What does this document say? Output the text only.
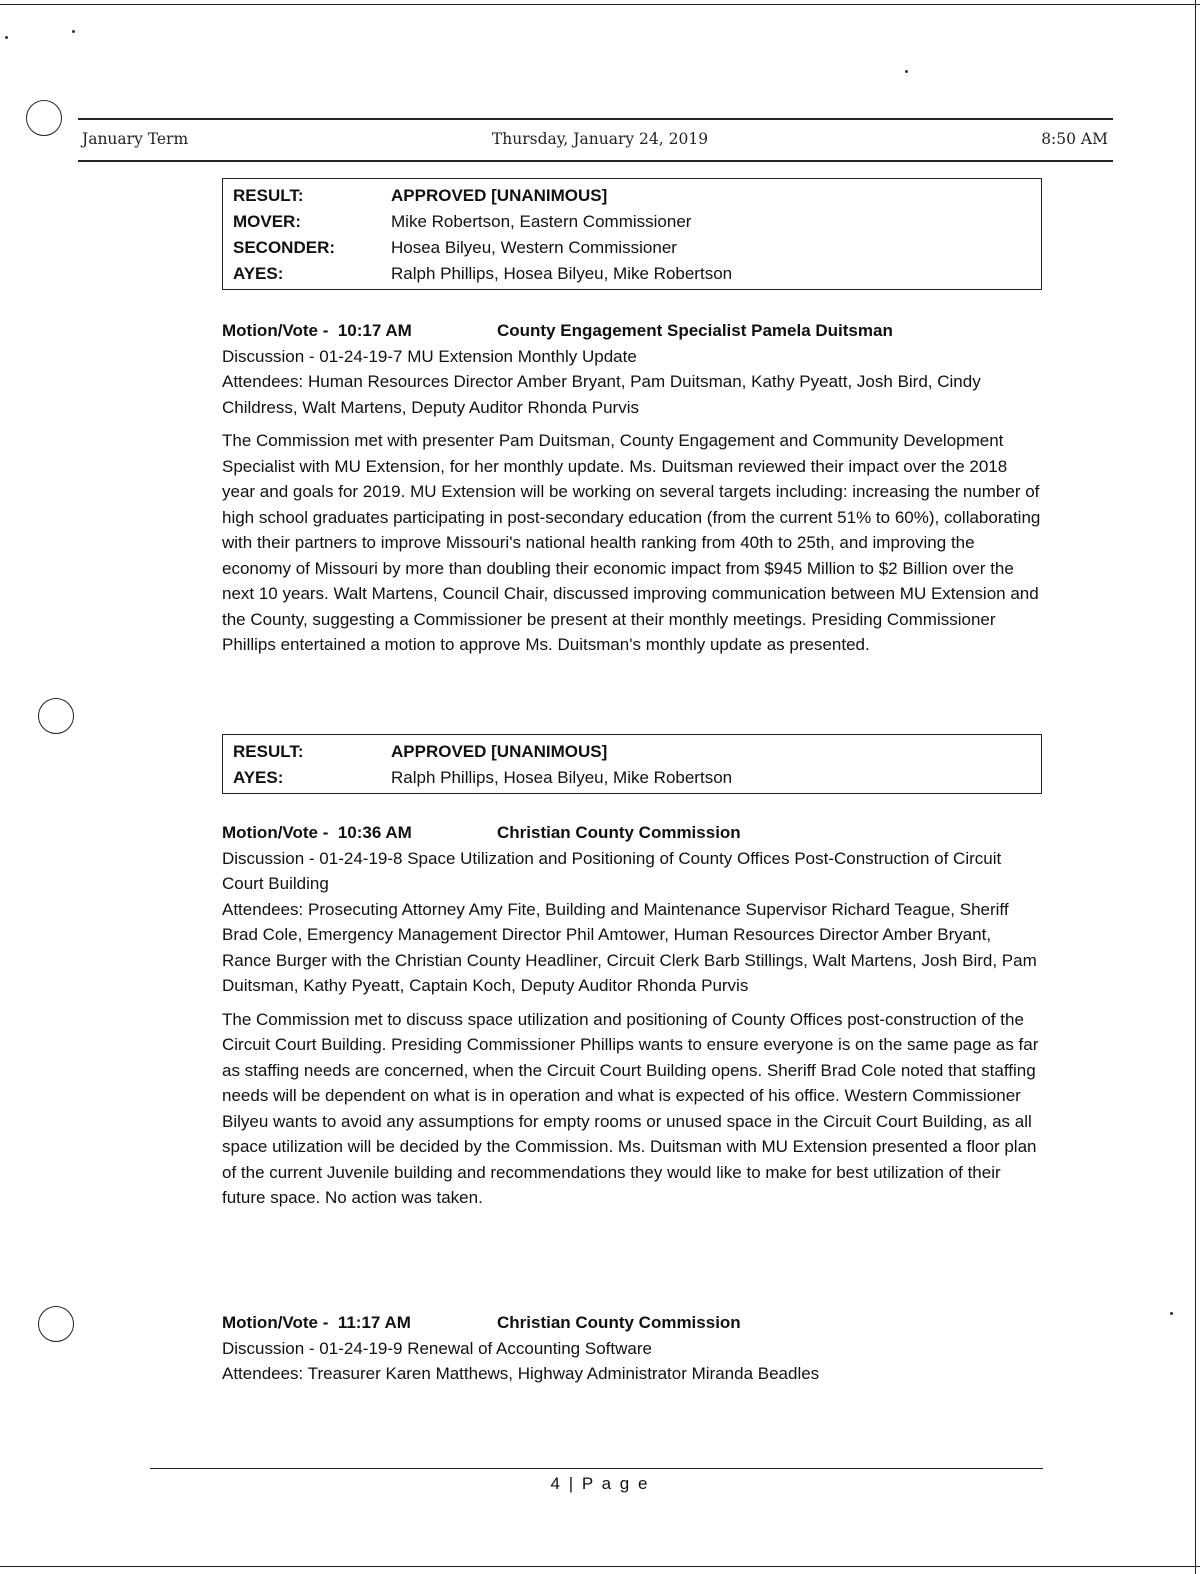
January Term	Thursday, January 24, 2019	8:50 AM
RESULT:	APPROVED [UNANIMOUS]
MOVER:	Mike Robertson, Eastern Commissioner
SECONDER:	Hosea Bilyeu, Western Commissioner
AYES:	Ralph Phillips, Hosea Bilyeu, Mike Robertson
Motion/Vote -  10:17 AM	County Engagement Specialist Pamela Duitsman
Discussion - 01-24-19-7 MU Extension Monthly Update
Attendees: Human Resources Director Amber Bryant, Pam Duitsman, Kathy Pyeatt, Josh Bird, Cindy Childress, Walt Martens, Deputy Auditor Rhonda Purvis

The Commission met with presenter Pam Duitsman, County Engagement and Community Development Specialist with MU Extension, for her monthly update. Ms. Duitsman reviewed their impact over the 2018 year and goals for 2019. MU Extension will be working on several targets including: increasing the number of high school graduates participating in post-secondary education (from the current 51% to 60%), collaborating with their partners to improve Missouri's national health ranking from 40th to 25th, and improving the economy of Missouri by more than doubling their economic impact from $945 Million to $2 Billion over the next 10 years. Walt Martens, Council Chair, discussed improving communication between MU Extension and the County, suggesting a Commissioner be present at their monthly meetings. Presiding Commissioner Phillips entertained a motion to approve Ms. Duitsman's monthly update as presented.

RESULT:	APPROVED [UNANIMOUS]
AYES:	Ralph Phillips, Hosea Bilyeu, Mike Robertson
Motion/Vote -  10:36 AM	Christian County Commission
Discussion - 01-24-19-8 Space Utilization and Positioning of County Offices Post-Construction of Circuit Court Building
Attendees: Prosecuting Attorney Amy Fite, Building and Maintenance Supervisor Richard Teague, Sheriff Brad Cole, Emergency Management Director Phil Amtower, Human Resources Director Amber Bryant, Rance Burger with the Christian County Headliner, Circuit Clerk Barb Stillings, Walt Martens, Josh Bird, Pam Duitsman, Kathy Pyeatt, Captain Koch, Deputy Auditor Rhonda Purvis

The Commission met to discuss space utilization and positioning of County Offices post-construction of the Circuit Court Building. Presiding Commissioner Phillips wants to ensure everyone is on the same page as far as staffing needs are concerned, when the Circuit Court Building opens. Sheriff Brad Cole noted that staffing needs will be dependent on what is in operation and what is expected of his office. Western Commissioner Bilyeu wants to avoid any assumptions for empty rooms or unused space in the Circuit Court Building, as all space utilization will be decided by the Commission. Ms. Duitsman with MU Extension presented a floor plan of the current Juvenile building and recommendations they would like to make for best utilization of their future space. No action was taken.

Motion/Vote -  11:17 AM	Christian County Commission
Discussion - 01-24-19-9 Renewal of Accounting Software
Attendees: Treasurer Karen Matthews, Highway Administrator Miranda Beadles
4 | P a g e
